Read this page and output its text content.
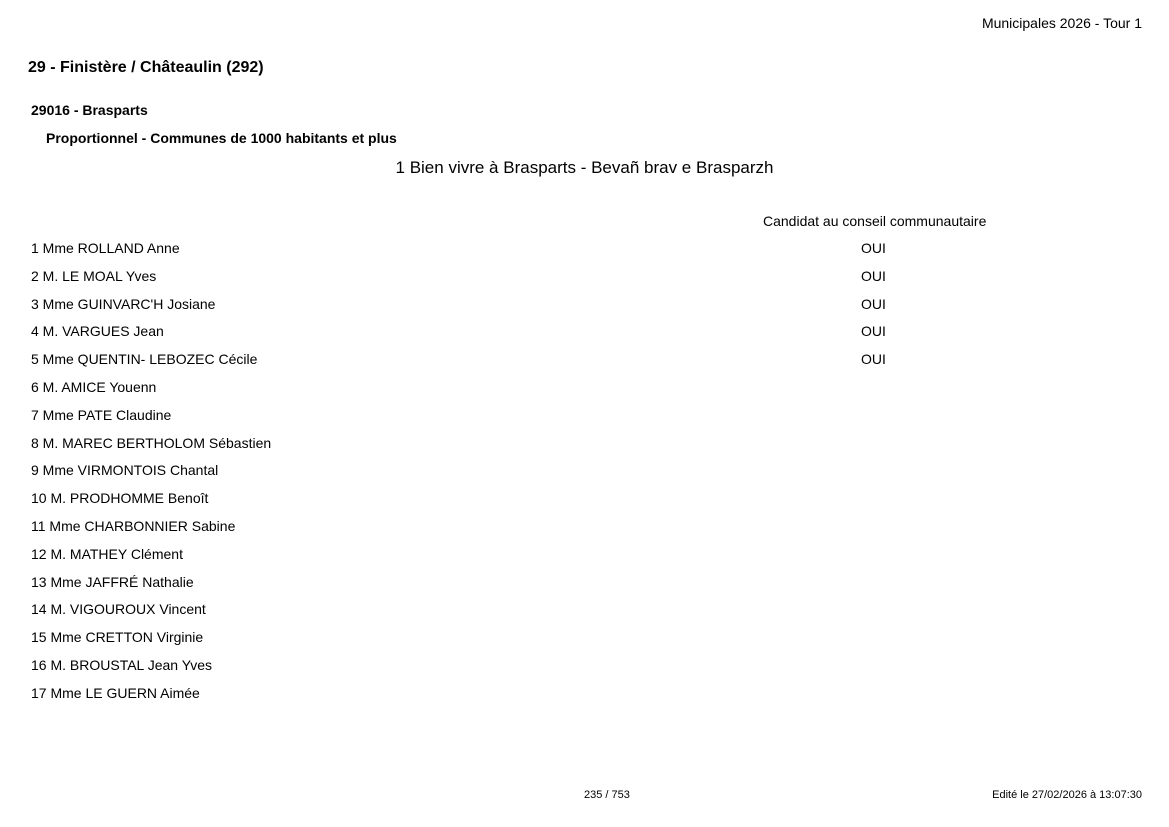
Municipales 2026 - Tour 1
29 - Finistère / Châteaulin (292)
29016 - Brasparts
Proportionnel - Communes de 1000 habitants et plus
1 Bien vivre à Brasparts - Bevañ brav e Brasparzh
Candidat au conseil communautaire
1 Mme ROLLAND Anne	OUI
2 M. LE MOAL Yves	OUI
3 Mme GUINVARC'H Josiane	OUI
4 M. VARGUES Jean	OUI
5 Mme QUENTIN- LEBOZEC Cécile	OUI
6 M. AMICE Youenn
7 Mme PATE Claudine
8 M. MAREC BERTHOLOM Sébastien
9 Mme VIRMONTOIS Chantal
10 M. PRODHOMME Benoît
11 Mme CHARBONNIER Sabine
12 M. MATHEY Clément
13 Mme JAFFRÉ Nathalie
14 M. VIGOUROUX Vincent
15 Mme CRETTON Virginie
16 M. BROUSTAL Jean Yves
17 Mme LE GUERN Aimée
235 / 753	Edité le 27/02/2026 à 13:07:30
